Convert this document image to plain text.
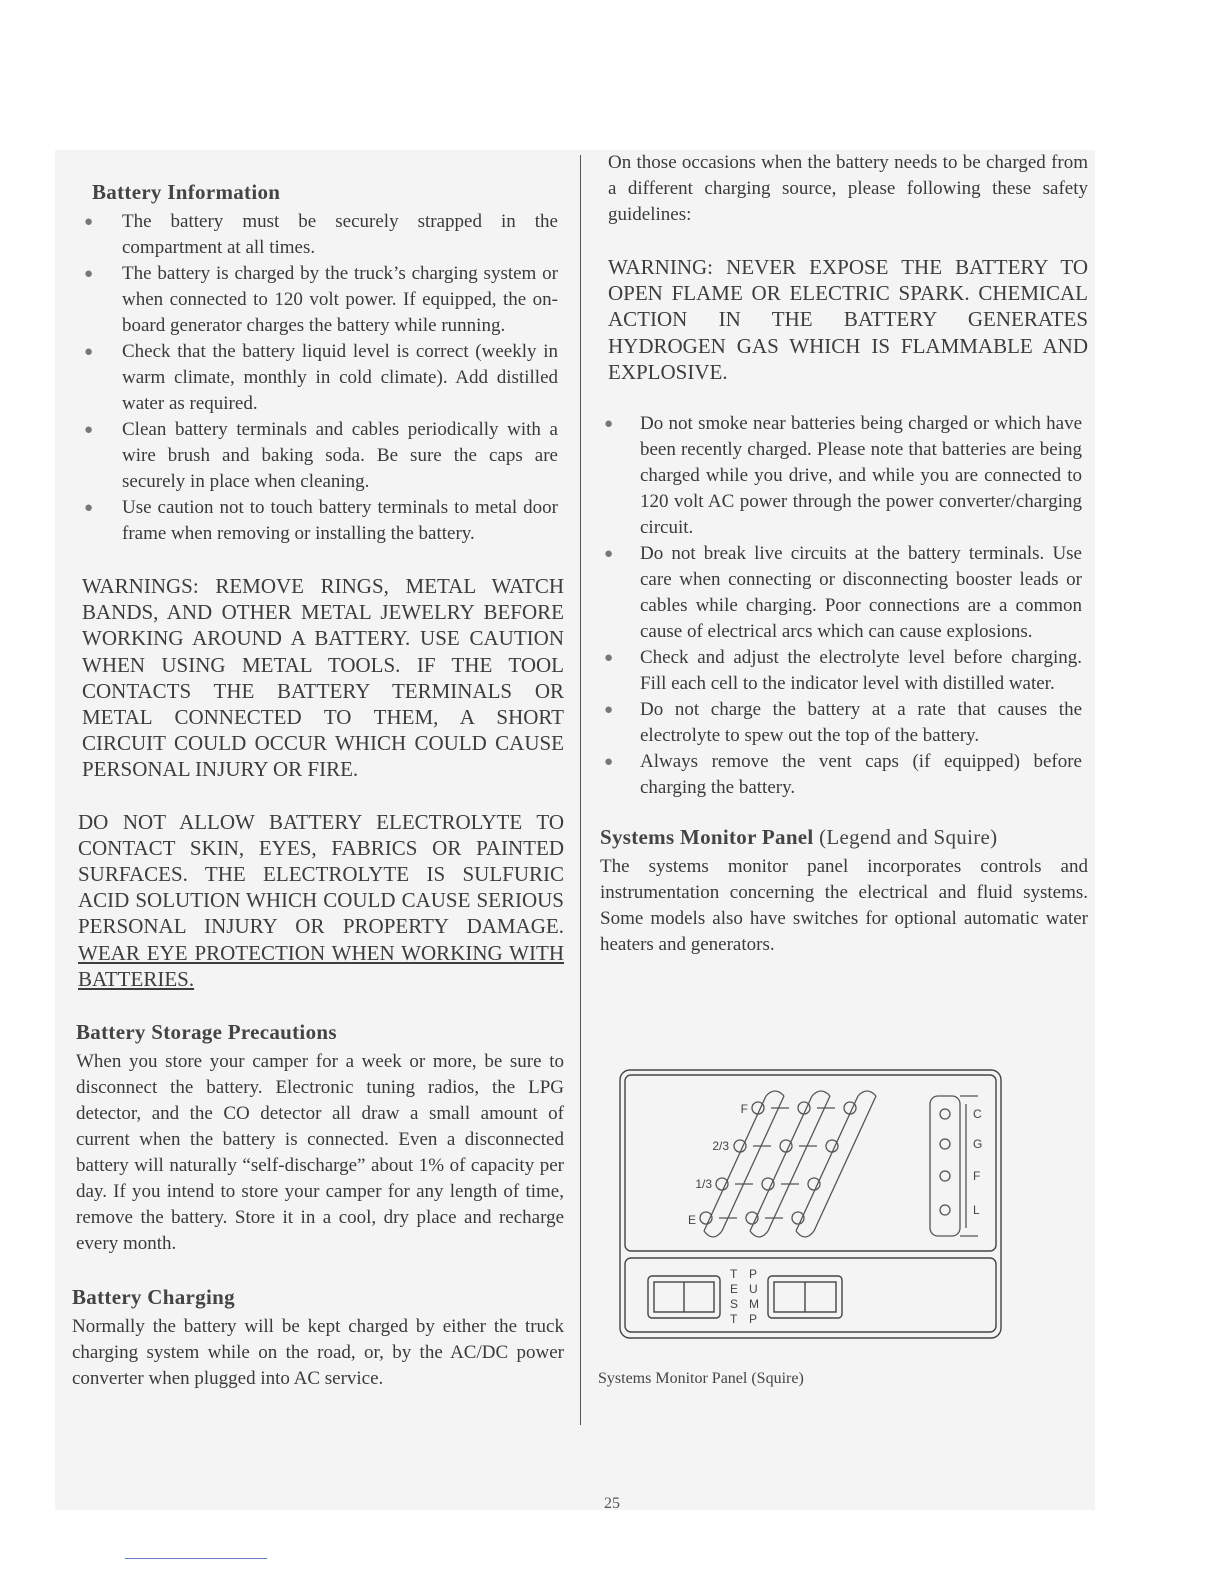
Battery Information
● The battery must be securely strapped in the compartment at all times.
● The battery is charged by the truck’s charging system or when connected to 120 volt power. If equipped, the on-board generator charges the battery while running.
● Check that the battery liquid level is correct (weekly in warm climate, monthly in cold climate). Add distilled water as required.
● Clean battery terminals and cables periodically with a wire brush and baking soda. Be sure the caps are securely in place when cleaning.
● Use caution not to touch battery terminals to metal door frame when removing or installing the battery.

WARNINGS: REMOVE RINGS, METAL WATCH BANDS, AND OTHER METAL JEWELRY BEFORE WORKING AROUND A BATTERY. USE CAUTION WHEN USING METAL TOOLS. IF THE TOOL CONTACTS THE BATTERY TERMINALS OR METAL CONNECTED TO THEM, A SHORT CIRCUIT COULD OCCUR WHICH COULD CAUSE PERSONAL INJURY OR FIRE.

DO NOT ALLOW BATTERY ELECTROLYTE TO CONTACT SKIN, EYES, FABRICS OR PAINTED SURFACES. THE ELECTROLYTE IS SULFURIC ACID SOLUTION WHICH COULD CAUSE SERIOUS PERSONAL INJURY OR PROPERTY DAMAGE. WEAR EYE PROTECTION WHEN WORKING WITH BATTERIES.

Battery Storage Precautions

When you store your camper for a week or more, be sure to disconnect the battery. Electronic tuning radios, the LPG detector, and the CO detector all draw a small amount of current when the battery is connected. Even a disconnected battery will naturally “self-discharge” about 1% of capacity per day. If you intend to store your camper for any length of time, remove the battery. Store it in a cool, dry place and recharge every month.

Battery Charging

Normally the battery will be kept charged by either the truck charging system while on the road, or, by the AC/DC power converter when plugged into AC service.

On those occasions when the battery needs to be charged from a different charging source, please following these safety guidelines:

WARNING: NEVER EXPOSE THE BATTERY TO OPEN FLAME OR ELECTRIC SPARK. CHEMICAL ACTION IN THE BATTERY GENERATES HYDROGEN GAS WHICH IS FLAMMABLE AND EXPLOSIVE.

● Do not smoke near batteries being charged or which have been recently charged. Please note that batteries are being charged while you drive, and while you are connected to 120 volt AC power through the power converter/charging circuit.
● Do not break live circuits at the battery terminals. Use care when connecting or disconnecting booster leads or cables while charging. Poor connections are a common cause of electrical arcs which can cause explosions.
● Check and adjust the electrolyte level before charging. Fill each cell to the indicator level with distilled water.
● Do not charge the battery at a rate that causes the electrolyte to spew out the top of the battery.
● Always remove the vent caps (if equipped) before charging the battery.
Systems Monitor Panel (Legend and Squire)

The systems monitor panel incorporates controls and instrumentation concerning the electrical and fluid systems. Some models also have switches for optional automatic water heaters and generators.

F
2/3
1/3
E
C
G
F
L
T
E
S
T
P
U
M
P
Systems Monitor Panel (Squire)
25
